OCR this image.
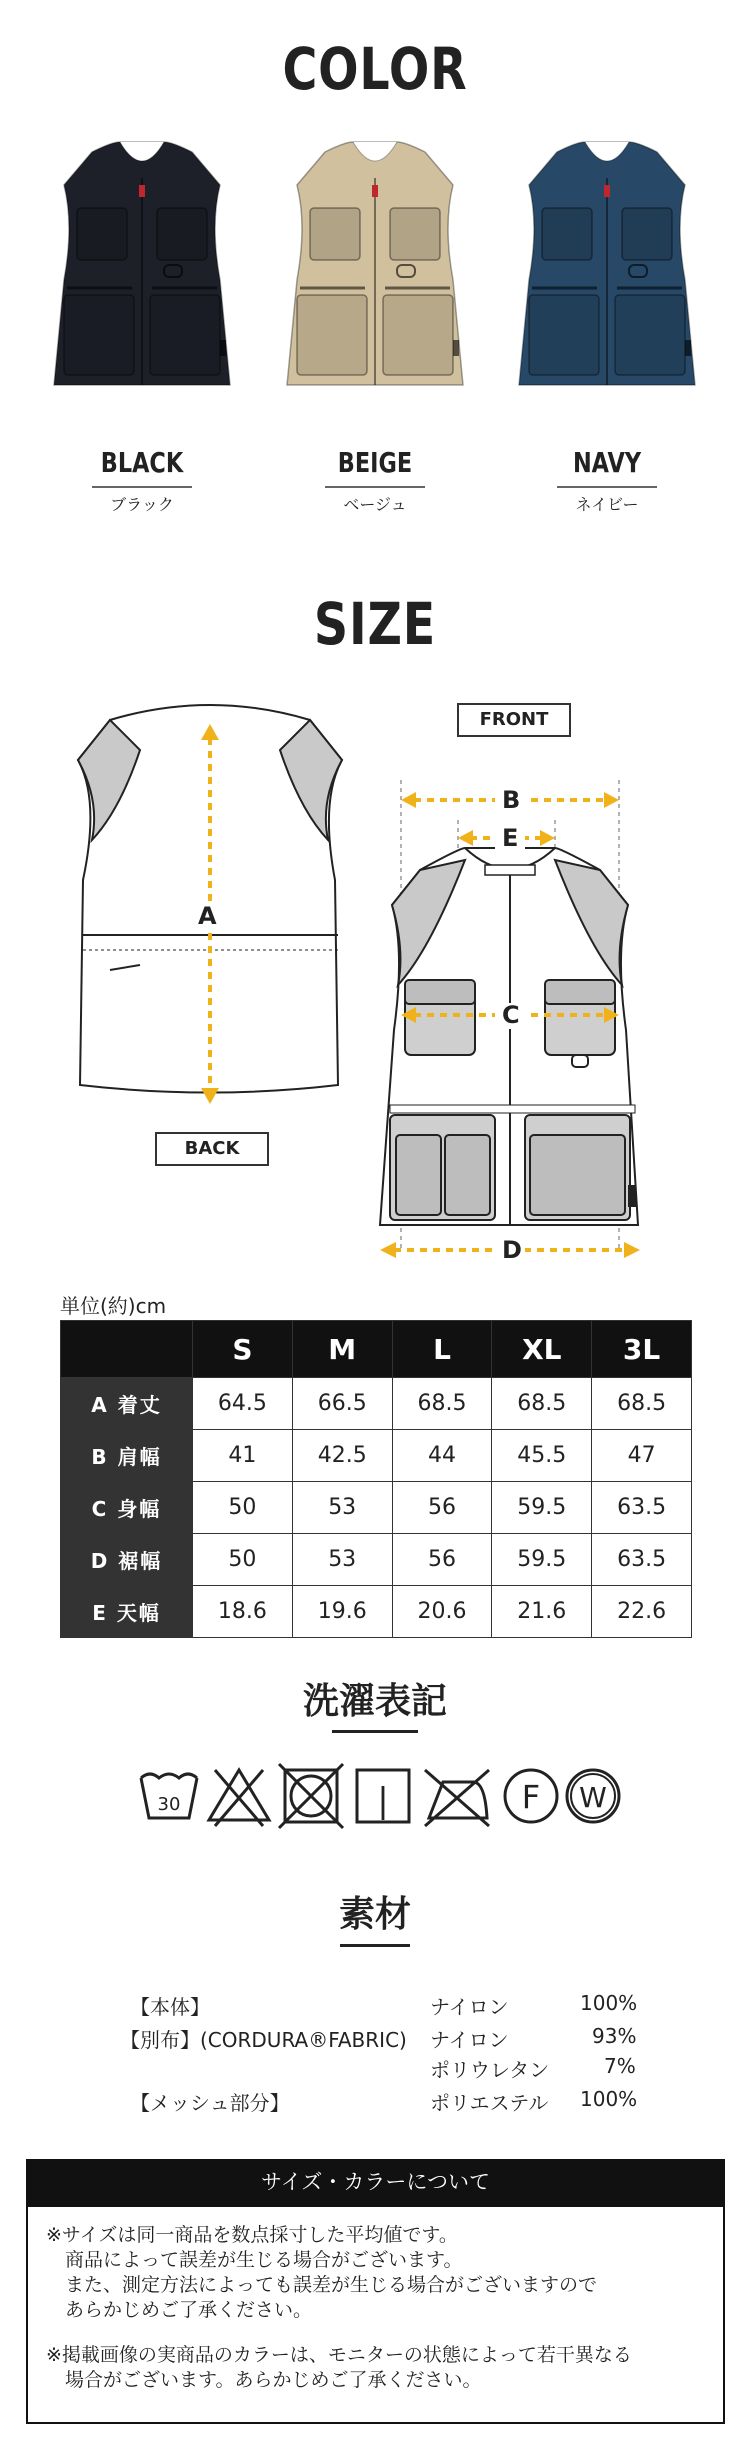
COLOR
BLACK
ブラック
BEIGE
ベージュ
NAVY
ネイビー
SIZE
A
BACK
FRONT
B
E
C
D
単位(約)cm
	S	M	L	XL	3L
A 着丈	64.5	66.5	68.5	68.5	68.5
B 肩幅	41	42.5	44	45.5	47
C 身幅	50	53	56	59.5	63.5
D 裾幅	50	53	56	59.5	63.5
E 天幅	18.6	19.6	20.6	21.6	22.6
洗濯表記
30	|	F W
素材
【本体】	ナイロン	100%
【別布】(CORDURA®FABRIC) ナイロン	93%
ポリウレタン	7%
【メッシュ部分】	ポリエステル 100%
サイズ・カラーについて
※サイズは同一商品を数点採寸した平均値です。
　商品によって誤差が生じる場合がございます。
　また、測定方法によっても誤差が生じる場合がございますので
　あらかじめご了承ください。
※掲載画像の実商品のカラーは、モニターの状態によって若干異なる
　場合がございます。あらかじめご了承ください。
